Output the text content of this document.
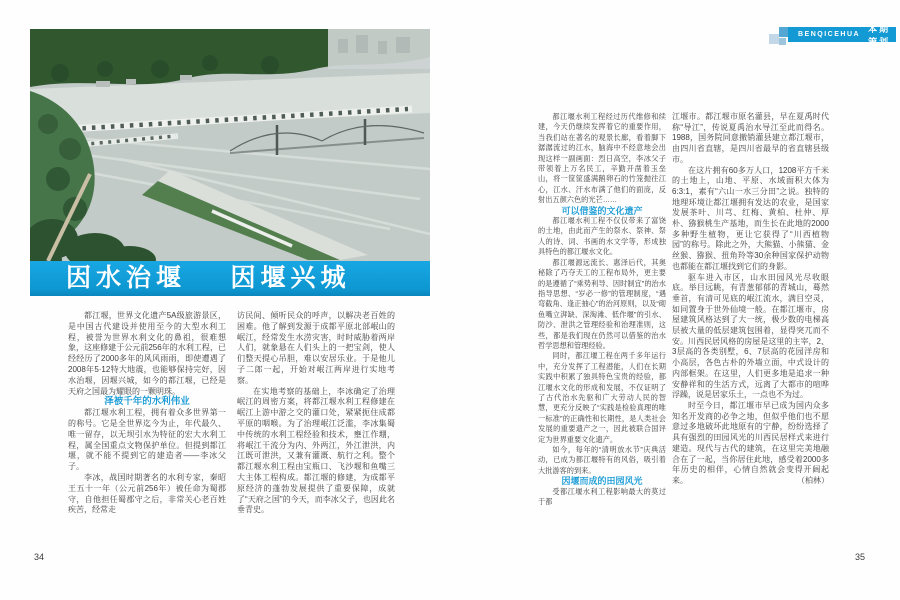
BENQICEHUA
本期策划
因水治堰 因堰兴城

都江堰，世界文化遗产5A级旅游景区，是中国古代建设并使用至今的大型水利工程，被誉为世界水利文化的鼻祖，很难想象，这座修建于公元前256年的水利工程，已经经历了2000多年的风风雨雨，即使遭遇了2008年5·12特大地震，也能够保持完好，因水治堰，因堰兴城，如今的都江堰，已经是天府之国最为耀眼的一颗明珠。

泽被千年的水利伟业

都江堰水利工程，拥有着众多世界第一的称号。它是全世界迄今为止，年代最久、唯一留存，以无坝引水为特征的宏大水利工程，属全国重点文物保护单位。但提到都江堰，就不能不提到它的建造者——李冰父子。

李冰，战国时期著名的水利专家，秦昭王五十一年（公元前256年）被任命为蜀郡守，自他担任蜀郡守之后，非常关心老百姓疾苦，经常走

访民间、倾听民众的呼声，以解决老百姓的困难。他了解到发源于成都平原北部岷山的岷江，经常发生水涝灾害，时时威胁着两岸人们，就象悬在人们头上的一把宝剑，使人们整天提心吊胆，难以安居乐业。于是他儿子二郎一起，开始对岷江两岸进行实地考察。

在实地考察的基础上，李冰确定了治理岷江的周密方案，将都江堰水利工程修建在岷江上游中游之交的灌口处，紧紧扼住成都平原的咽喉。为了治理岷江泛滥，李冰集蜀中传统的水利工程经验和技术，壅江作堋，将岷江干流分为内、外两江，外江泄洪，内江既可泄洪，又兼有灌溉、航行之利。整个都江堰水利工程由宝瓶口、飞沙堰和鱼嘴三大主体工程构成。都江堰的修建，为成都平原经济的蓬勃发展提供了重要保障，成就了“天府之国”的今天，而李冰父子，也因此名垂青史。

都江堰水利工程经过历代维修和续建，今天仍继续发挥着它的重要作用，当我们站在著名的观景长廊，看着脚下潺潺流过的江水，脑海中不经意地会出现这样一副画面：烈日高空，李冰父子带领着上万名民工，辛勤开凿着玉垒山，将一筐筐盛满鹅卵石的竹笼抛往江心，江水、汗水布满了他们的面庞，反射出五颜六色的光芒……

可以借鉴的文化遗产

都江堰水利工程不仅仅带来了富饶的土地，由此而产生的祭水、祭神、祭人的诗、词、书画的水文学等，形成独具特色的都江堰水文化。

都江堰源远流长、惠泽后代，其奥秘除了巧夺天工的工程布局外，更主要的是遵循了“乘势利导、因时制宜”的治水指导思想、“岁必一修”的管理制度，“遇弯截角、逢正抽心”的治河原则，以及“砌鱼嘴立湃缺、深淘滩、低作堰”的引水、防沙、泄洪之管理经验和治理准则，这些，都是我们现在仍然可以借鉴的治水哲学思想和管理经验。

同时，都江堰工程在两千多年运行中，充分发挥了工程潜能，人们在长期实践中积累了独具特色宝贵的经验，都江堰水文化的形成和发展，不仅证明了了古代治水先驱和广大劳动人民的智慧，更充分反映了“实践是检验真理的唯一标准”的正确性和长期性，是人类社会发展的重要遗产之一，因此被联合国评定为世界重要文化遗产。

如今，每年的“清明放水节”庆典活动，已成为都江堰特有的风俗，吸引着大批游客的到来。

因堰而成的田园风光

受都江堰水利工程影响最大的莫过于都

江堰市。都江堰市原名灌县，早在夏禹时代称“导江”，传说夏禹治水导江至此而得名。1988，国务院同意撤销灌县建立都江堰市，由四川省直辖，是四川省最早的省直辖县级市。

在这片拥有60多万人口，1208平方千米的土地上，山地、平原、水域面积大体为6:3:1，素有“六山一水三分田”之说。独特的地理环境让都江堰拥有发达的农业，是国家发展茶叶、川芎、红梅、黄柏、杜仲、厚朴、猕猴桃生产基地，而生长在此地的2000多种野生植物，更让它获得了“川西植物园”的称号。除此之外，大熊猫、小熊猫、金丝猴、猕猴、扭角羚等30余种国家保护动物也都能在都江堰找到它们的身影。

驱车进入市区，山水田园风光尽收眼底。举目远眺，有青葱郁郁的青城山，蓦然垂首，有清可见底的岷江流水，满目空灵，如同置身于世外仙境一般。在都江堰市，房屋建筑风格达到了大一统，极少数的电梯高层被大量的低层建筑包围着，显得突兀而不安。川西民居风格的房屋是这里的主宰，2、3层高的各类别墅，6、7层高的花园洋房和小高层，各色古朴的外墙立面，中式设计的内部框架。在这里，人们更多地是追求一种安静祥和的生活方式，远离了大都市的喧哗浮躁，说是居家乐土，一点也不为过。

时至今日，都江堰市早已成为国内众多知名开发商的必争之地，但似乎他们也不愿意过多地破坏此地原有的宁静，纷纷选择了具有强烈的田园风光的川西民居样式来进行建造。现代与古代的建筑，在这里完美地融合在了一起，当你居住此地，感受着2000多年历史的相伴，心情自然就会变得开阔起来。	（柏林）

34	35
